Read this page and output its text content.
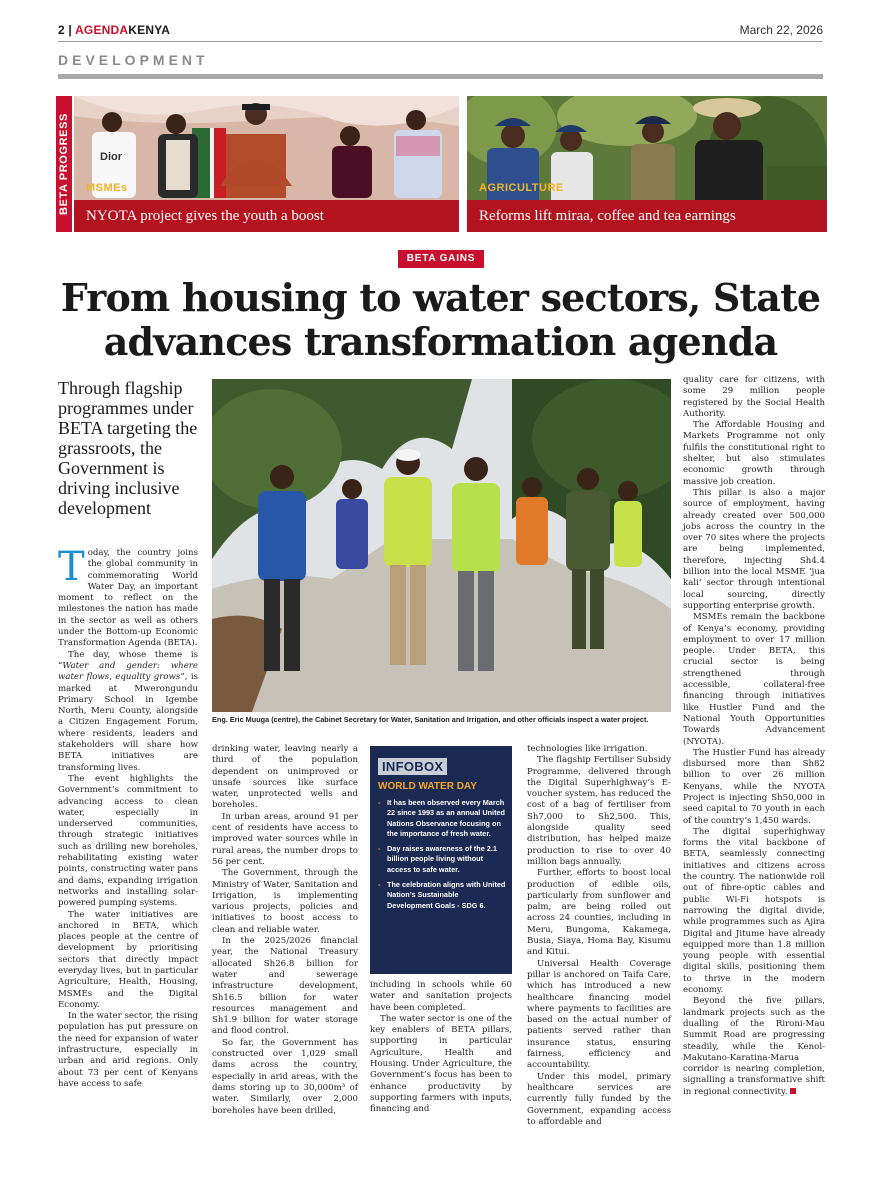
2 | AGENDAKENYA	March 22, 2026
DEVELOPMENT
BETA PROGRESS	Dior
MSMEs
NYOTA project gives the youth a boost
AGRICULTURE
Reforms lift miraa, coffee and tea earnings
BETA GAINS
From housing to water sectors, State advances transformation agenda
Through flagship programmes under BETA targeting the grassroots, the Government is driving inclusive development
Eng. Eric Muuga (centre), the Cabinet Secretary for Water, Sanitation and Irrigation, and other officials inspect a water project.

Today, the country joins the global community in commemorating World Water Day, an important moment to reflect on the milestones the nation has made in the sector as well as others under the Bottom-up Economic Transformation Agenda (BETA).

The day, whose theme is “Water and gender: where water flows, equality grows”, is marked at Mwerongundu Primary School in Igembe North, Meru County, alongside a Citizen Engagement Forum, where residents, leaders and stakeholders will share how BETA initiatives are transforming lives.

The event highlights the Government’s commitment to advancing access to clean water, especially in underserved communities, through strategic initiatives such as drilling new boreholes, rehabilitating existing water points, constructing water pans and dams, expanding irrigation networks and installing solar-powered pumping systems.

The water initiatives are anchored in BETA, which places people at the centre of development by prioritising sectors that directly impact everyday lives, but in particular Agriculture, Health, Housing, MSMEs and the Digital Economy.

In the water sector, the rising population has put pressure on the need for expansion of water infrastructure, especially in urban and arid regions. Only about 73 per cent of Kenyans have access to safe

drinking water, leaving nearly a third of the population dependent on unimproved or unsafe sources like surface water, unprotected wells and boreholes.

In urban areas, around 91 per cent of residents have access to improved water sources while in rural areas, the number drops to 56 per cent.

The Government, through the Ministry of Water, Sanitation and Irrigation, is implementing various projects, policies and initiatives to boost access to clean and reliable water.

In the 2025/2026 financial year, the National Treasury allocated Sh26.8 billion for water and sewerage infrastructure development, Sh16.5 billion for water resources management and Sh1.9 billion for water storage and flood control.

So far, the Government has constructed over 1,029 small dams across the country, especially in arid areas, with the dams storing up to 30,000m³ of water. Similarly, over 2,000 boreholes have been drilled,

INFOBOX
WORLD WATER DAY
- It has been observed every March 22 since 1993 as an annual United Nations Observance focusing on the importance of fresh water.
- Day raises awareness of the 2.1 billion people living without access to safe water.
- The celebration aligns with United Nation’s Sustainable Development Goals - SDG 6.

including in schools while 60 water and sanitation projects have been completed.

The water sector is one of the key enablers of BETA pillars, supporting in particular Agriculture, Health and Housing. Under Agriculture, the Government’s focus has been to enhance productivity by supporting farmers with inputs, financing and

technologies like irrigation.

The flagship Fertiliser Subsidy Programme, delivered through the Digital Superhighway’s E-voucher system, has reduced the cost of a bag of fertiliser from Sh7,000 to Sh2,500. This, alongside quality seed distribution, has helped maize production to rise to over 40 million bags annually.

Further, efforts to boost local production of edible oils, particularly from sunflower and palm, are being rolled out across 24 counties, including in Meru, Bungoma, Kakamega, Busia, Siaya, Homa Bay, Kisumu and Kitui.

Universal Health Coverage pillar is anchored on Taifa Care, which has introduced a new healthcare financing model where payments to facilities are based on the actual number of patients served rather than insurance status, ensuring fairness, efficiency and accountability.

Under this model, primary healthcare services are currently fully funded by the Government, expanding access to affordable and

quality care for citizens, with some 29 million people registered by the Social Health Authority.

The Affordable Housing and Markets Programme not only fulfils the constitutional right to shelter, but also stimulates economic growth through massive job creation.

This pillar is also a major source of employment, having already created over 500,000 jobs across the country in the over 70 sites where the projects are being implemented, therefore, injecting Sh4.4 billion into the local MSME ‘jua kali’ sector through intentional local sourcing, directly supporting enterprise growth.

MSMEs remain the backbone of Kenya’s economy, providing employment to over 17 million people. Under BETA, this crucial sector is being strengthened through accessible, collateral-free financing through initiatives like Hustler Fund and the National Youth Opportunities Towards Advancement (NYOTA).

The Hustler Fund has already disbursed more than Sh82 billion to over 26 million Kenyans, while the NYOTA Project is injecting Sh50,000 in seed capital to 70 youth in each of the country’s 1,450 wards.

The digital superhighway forms the vital backbone of BETA, seamlessly connecting initiatives and citizens across the country. The nationwide roll out of fibre-optic cables and public Wi-Fi hotspots is narrowing the digital divide, while programmes such as Ajira Digital and Jitume have already equipped more than 1.8 million young people with essential digital skills, positioning them to thrive in the modern economy.

Beyond the five pillars, landmark projects such as the dualling of the Rironi-Mau Summit Road are progressing steadily, while the Kenol-Makutano-Karatina-Marua corridor is nearing completion, signalling a transformative shift in regional connectivity.
